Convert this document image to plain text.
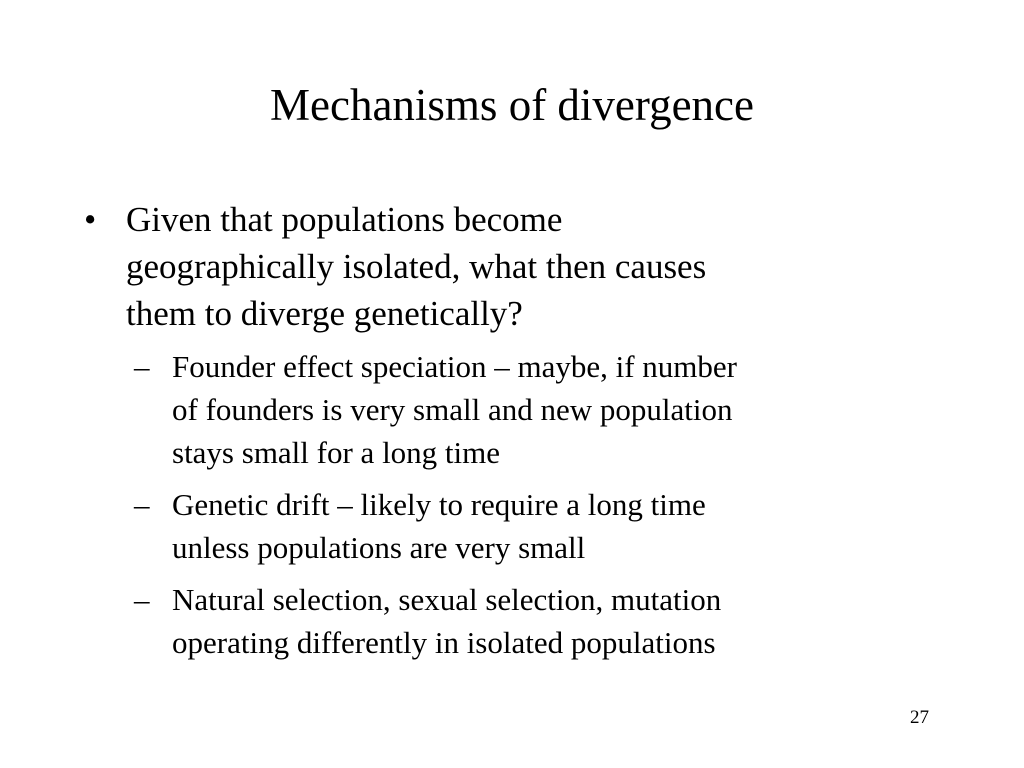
Mechanisms of divergence
• Given that populations become
geographically isolated, what then causes
them to diverge genetically?
– Founder effect speciation – maybe, if number
of founders is very small and new population
stays small for a long time
– Genetic drift – likely to require a long time
unless populations are very small
– Natural selection, sexual selection, mutation
operating differently in isolated populations
27
